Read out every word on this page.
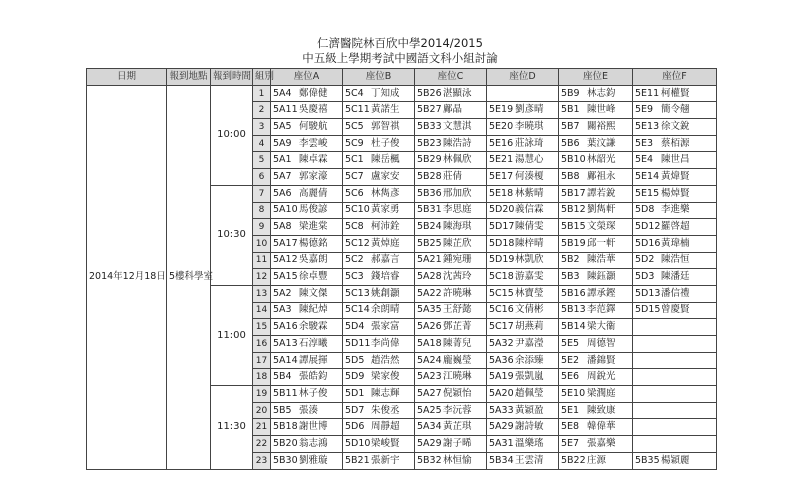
仁濟醫院林百欣中學2014/2015
中五級上學期考試中國語文科小組討論
日期	報到地點	報到時間	組別	座位A	座位B	座位C	座位D	座位E	座位F
2014年12月18日	5樓科學室	10:00	1	5A4 鄭偉健	5C4 丁知成	5B26湛顯泳		5B9 林志鈞	5E11 柯權賢
			2	5A11吳慶禧	5C11黃諾生	5B27鄺晶	5E19 劉彥晴	5B1 陳世峰	5E9 簡令翹
			3	5A5 何駿航	5C5 郭智祺	5B33文慧淇	5E20 李曉琪	5B7 關裕熙	5E13 徐文銳
			4	5A9 李雲峻	5C9 杜子俊	5B23陳浩詩	5E16 莊詠琦	5B6 葉汶謙	5E3 蔡栢源
			5	5A1 陳卓霖	5C1 陳岳楓	5B29林佩欣	5E21 湯慧心	5B10林韶光	5E4 陳世昌
			6	5A7 郭家濠	5C7 盧家安	5B28莊倩	5E17 何湊榎	5B8 鄺祖永	5E14 黃煒賢
		10:30	7	5A6 高麗倩	5C6 林雋彥	5B36邢加欣	5E18 林紫晴	5B17譚若銳	5E15 楊焯賢
			8	5A10馬俊諺	5C10黃家勇	5B31李思庭	5D20義信霖	5B12劉雋軒	5D8 李進樂
			9	5A8 梁進棠	5C8 柯沛銓	5B24陳海琪	5D17陳倩雯	5B15文榮琛	5D12羅啓超
			10	5A17楊德銘	5C12黃焯庭	5B25陳芷欣	5D18陳梓晴	5B19邱一軒	5D16黃瑋楠
			11	5A12吳嘉朗	5C2 郝嘉言	5A21鍾宛珊	5D19林凱欣	5B2 陳浩華	5D2 陳浩恒
			12	5A15徐卓豐	5C3 錢培睿	5A28沈茜玲	5C18游嘉雯	5B3 陳鈺灝	5D3 陳潘廷
		11:00	13	5A2 陳文傑	5C13姚創灝	5A22許曉琳	5C15林寶瑩	5B16譚承鏗	5D13潘信禮
			14	5A3 陳紀焯	5C14余朗晴	5A35王舒懿	5C16文倩彬	5B13李范鐸	5D15曾慶賢
			15	5A16余駿霖	5D4 張家富	5A26鄧芷菁	5C17胡燕莉	5B14梁大衞	
			16	5A13石淳曦	5D11李尚偉	5A18陳菁兒	5A32尹嘉瀅	5E5 周德智	
			17	5A14譚展揮	5D5 趙浩然	5A24龐巍瑩	5A36余添臻	5E2 潘錦賢	
			18	5B4 張皓鈞	5D9 梁家俊	5A23江曉琳	5A19張凱嵐	5E6 周銳光	
		11:30	19	5B11林子俊	5D1 陳志輝	5A27倪穎怡	5A20趙佩瑩	5E10 梁潤庭	
			20	5B5 張湊	5D7 朱俊丞	5A25李沅蓉	5A33黃穎盈	5E1 陳致康	
			21	5B18謝世博	5D6 周靜超	5A34黃芷琪	5A29謝詩敏	5E8 韓偉華	
			22	5B20翁志鴻	5D10梁峻賢	5A29謝子晞	5A31溫樂瑤	5E7 張嘉樂	
			23	5B30劉雅璇	5B21張新宇	5B32林恒愉	5B34王雲清	5B22庄源	5B35楊穎麗
